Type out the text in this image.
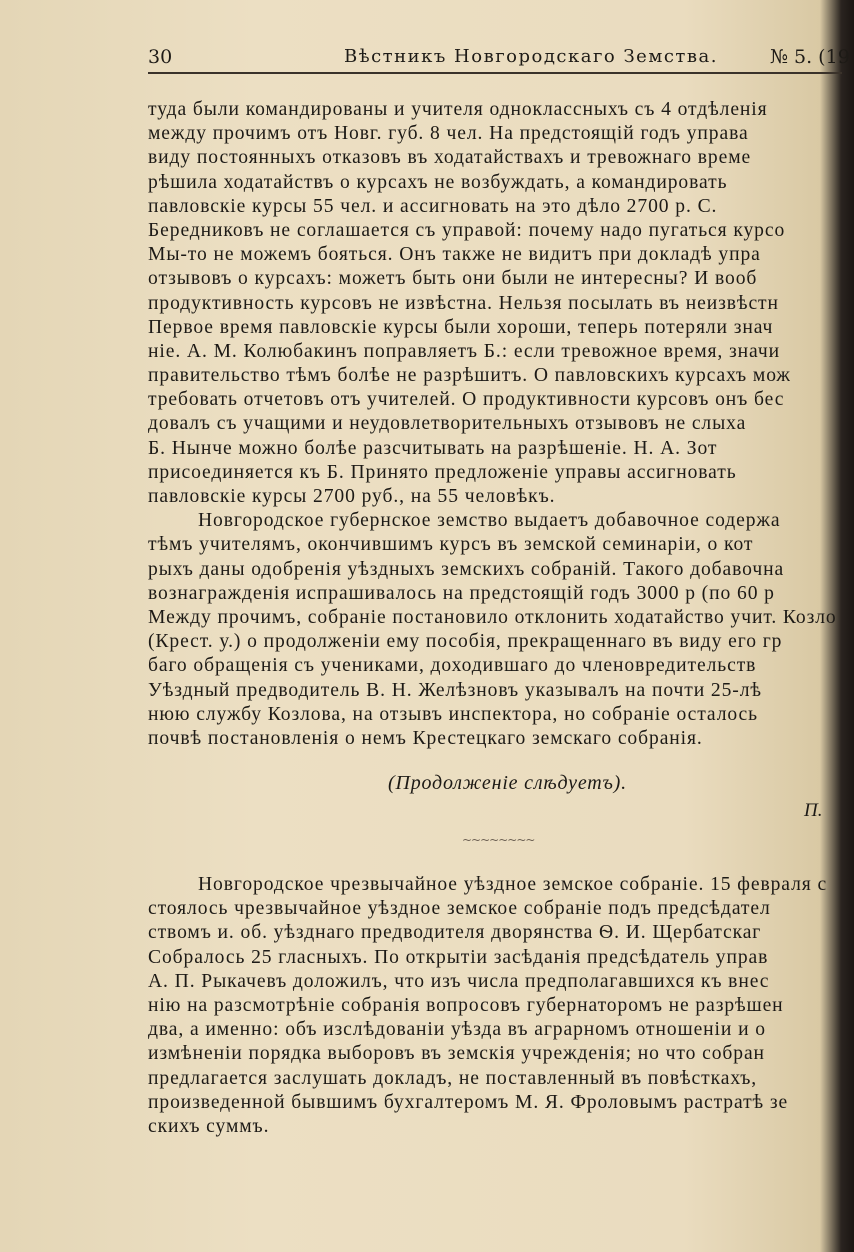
30	Вѣстникъ Новгородскаго Земства.	№ 5. (19
туда были командированы и учителя одноклассныхъ съ 4 отдѣленія
между прочимъ отъ Новг. губ. 8 чел. На предстоящій годъ управа
виду постоянныхъ отказовъ въ ходатайствахъ и тревожнаго време
рѣшила ходатайствъ о курсахъ не возбуждать, а командировать
павловскіе курсы 55 чел. и ассигновать на это дѣло 2700 р. С.
Бередниковъ не соглашается съ управой: почему надо пугаться курсо
Мы-то не можемъ бояться. Онъ также не видитъ при докладѣ упра
отзывовъ о курсахъ: можетъ быть они были не интересны? И вооб
продуктивность курсовъ не извѣстна. Нельзя посылать въ неизвѣстн
Первое время павловскіе курсы были хороши, теперь потеряли знач
ніе. А. М. Колюбакинъ поправляетъ Б.: если тревожное время, значи
правительство тѣмъ болѣе не разрѣшитъ. О павловскихъ курсахъ мож
требовать отчетовъ отъ учителей. О продуктивности курсовъ онъ бес
довалъ съ учащими и неудовлетворительныхъ отзывовъ не слыха
Б. Нынче можно болѣе разсчитывать на разрѣшеніе. Н. А. Зот
присоединяется къ Б. Принято предложеніе управы ассигновать
павловскіе курсы 2700 руб., на 55 человѣкъ.
Новгородское губернское земство выдаетъ добавочное содержа
тѣмъ учителямъ, окончившимъ курсъ въ земской семинаріи, о кот
рыхъ даны одобренія уѣздныхъ земскихъ собраній. Такого добавочна
вознагражденія испрашивалось на предстоящій годъ 3000 р (по 60 р
Между прочимъ, собраніе постановило отклонить ходатайство учит. Козло
(Крест. у.) о продолженіи ему пособія, прекращеннаго въ виду его гр
баго обращенія съ учениками, доходившаго до членовредительств
Уѣздный предводитель В. Н. Желѣзновъ указывалъ на почти 25-лѣ
нюю службу Козлова, на отзывъ инспектора, но собраніе осталось
почвѣ постановленія о немъ Крестецкаго земскаго собранія.
(Продолженіе слѣдуетъ).
П.
~~~~~~~~
Новгородское чрезвычайное уѣздное земское собраніе. 15 февраля с
стоялось чрезвычайное уѣздное земское собраніе подъ предсѣдател
ствомъ и. об. уѣзднаго предводителя дворянства Ѳ. И. Щербатскаг
Собралось 25 гласныхъ. По открытіи засѣданія предсѣдатель управ
А. П. Рыкачевъ доложилъ, что изъ числа предполагавшихся къ внес
нію на разсмотрѣніе собранія вопросовъ губернаторомъ не разрѣшен
два, а именно: объ изслѣдованіи уѣзда въ аграрномъ отношеніи и о
измѣненіи порядка выборовъ въ земскія учрежденія; но что собран
предлагается заслушать докладъ, не поставленный въ повѣсткахъ,
произведенной бывшимъ бухгалтеромъ М. Я. Фроловымъ растратѣ зе
скихъ суммъ.
